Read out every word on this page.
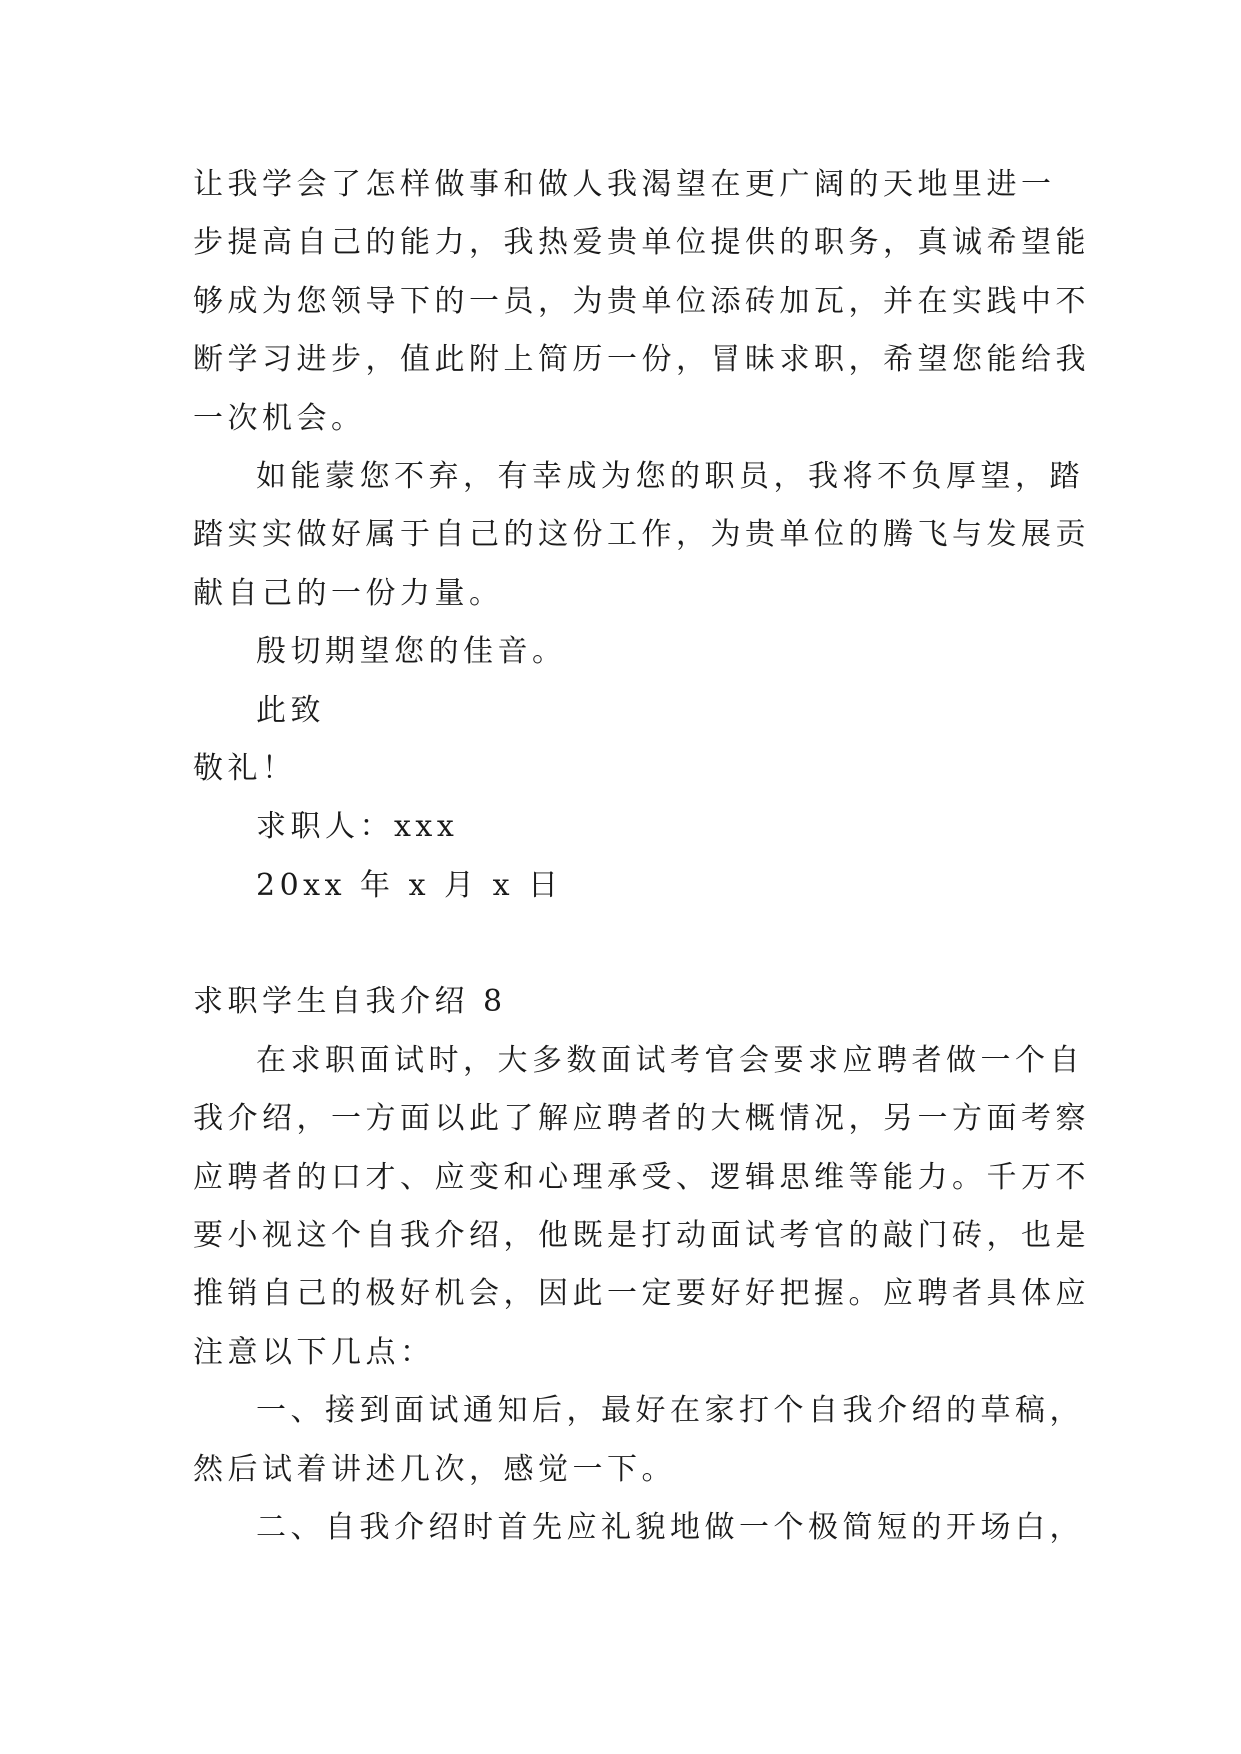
让我学会了怎样做事和做人我渴望在更广阔的天地里进一
步提高自己的能力，我热爱贵单位提供的职务，真诚希望能
够成为您领导下的一员，为贵单位添砖加瓦，并在实践中不
断学习进步，值此附上简历一份，冒昧求职，希望您能给我
一次机会。
如能蒙您不弃，有幸成为您的职员，我将不负厚望，踏
踏实实做好属于自己的这份工作，为贵单位的腾飞与发展贡
献自己的一份力量。
殷切期望您的佳音。
此致
敬礼！
求职人：xxx
20xx 年 x 月 x 日
求职学生自我介绍 8
在求职面试时，大多数面试考官会要求应聘者做一个自
我介绍，一方面以此了解应聘者的大概情况，另一方面考察
应聘者的口才、应变和心理承受、逻辑思维等能力。千万不
要小视这个自我介绍，他既是打动面试考官的敲门砖，也是
推销自己的极好机会，因此一定要好好把握。应聘者具体应
注意以下几点：
一、接到面试通知后，最好在家打个自我介绍的草稿，
然后试着讲述几次，感觉一下。
二、自我介绍时首先应礼貌地做一个极简短的开场白，
